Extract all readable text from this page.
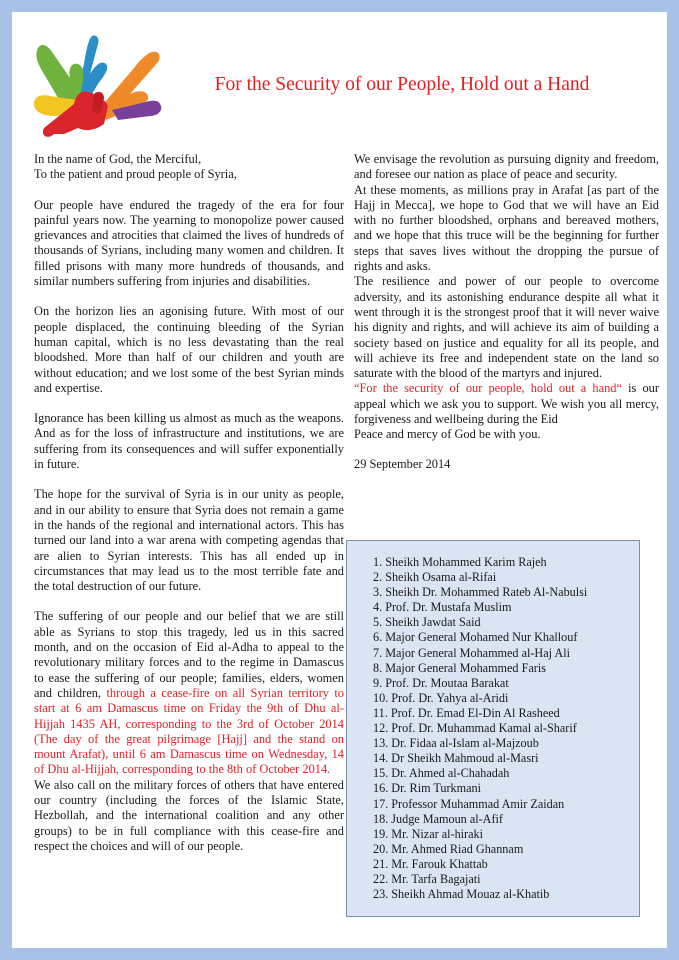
For the Security of our People, Hold out a Hand

In the name of God, the Merciful,

To the patient and proud people of Syria,

Our people have endured the tragedy of the era for four painful years now. The yearning to monopolize power caused grievances and atrocities that claimed the lives of hundreds of thousands of Syrians, including many women and children. It filled prisons with many more hundreds of thousands, and similar numbers suffering from injuries and disabilities.

On the horizon lies an agonising future. With most of our people displaced, the continuing bleeding of the Syrian human capital, which is no less devastating than the real bloodshed. More than half of our children and youth are without education; and we lost some of the best Syrian minds and expertise.

Ignorance has been killing us almost as much as the weapons. And as for the loss of infrastructure and institutions, we are suffering from its consequences and will suffer exponentially in future.

The hope for the survival of Syria is in our unity as people, and in our ability to ensure that Syria does not remain a game in the hands of the regional and international actors. This has turned our land into a war arena with competing agendas that are alien to Syrian interests. This has all ended up in circumstances that may lead us to the most terrible fate and the total destruction of our future.

The suffering of our people and our belief that we are still able as Syrians to stop this tragedy, led us in this sacred month, and on the occasion of Eid al-Adha to appeal to the revolutionary military forces and to the regime in Damascus to ease the suffering of our people; families, elders, women and children, through a cease-fire on all Syrian territory to start at 6 am Damascus time on Friday the 9th of Dhu al-Hijjah 1435 AH, corresponding to the 3rd of October 2014 (The day of the great pilgrimage [Hajj] and the stand on mount Arafat), until 6 am Damascus time on Wednesday, 14 of Dhu al-Hijjah, corresponding to the 8th of October 2014.

We also call on the military forces of others that have entered our country (including the forces of the Islamic State, Hezbollah, and the international coalition and any other groups) to be in full compliance with this cease-fire and respect the choices and will of our people.

We envisage the revolution as pursuing dignity and freedom, and foresee our nation as place of peace and security.

At these moments, as millions pray in Arafat [as part of the Hajj in Mecca], we hope to God that we will have an Eid with no further bloodshed, orphans and bereaved mothers, and we hope that this truce will be the beginning for further steps that saves lives without the dropping the pursue of rights and asks.

The resilience and power of our people to overcome adversity, and its astonishing endurance despite all what it went through it is the strongest proof that it will never waive his dignity and rights, and will achieve its aim of building a society based on justice and equality for all its people, and will achieve its free and independent state on the land so saturate with the blood of the martyrs and injured.

“For the security of our people, hold out a hand“ is our appeal which we ask you to support. We wish you all mercy, forgiveness and wellbeing during the Eid

Peace and mercy of God be with you.

29 September 2014

1. Sheikh Mohammed Karim Rajeh
2. Sheikh Osama al-Rifai
3. Sheikh Dr. Mohammed Rateb Al-Nabulsi
4. Prof. Dr. Mustafa Muslim
5. Sheikh Jawdat Said
6. Major General Mohamed Nur Khallouf
7. Major General Mohammed al-Haj Ali
8. Major General Mohammed Faris
9. Prof. Dr. Moutaa Barakat
10. Prof. Dr. Yahya al-Aridi
11. Prof. Dr. Emad El-Din Al Rasheed
12. Prof. Dr. Muhammad Kamal al-Sharif
13. Dr. Fidaa al-Islam al-Majzoub
14. Dr Sheikh Mahmoud al-Masri
15. Dr. Ahmed al-Chahadah
16. Dr. Rim Turkmani
17. Professor Muhammad Amir Zaidan
18. Judge Mamoun al-Afif
19. Mr. Nizar al-hiraki
20. Mr. Ahmed Riad Ghannam
21. Mr. Farouk Khattab
22. Mr. Tarfa Bagajati
23. Sheikh Ahmad Mouaz al-Khatib
